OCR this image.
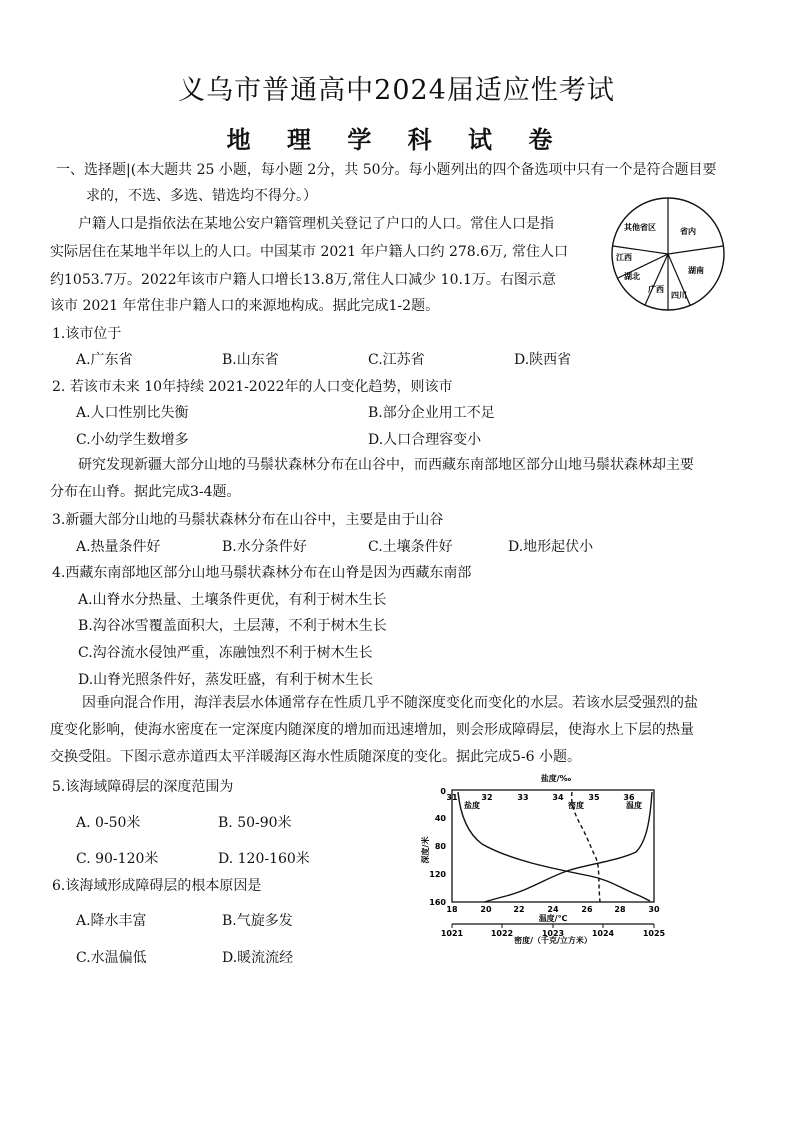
义乌市普通高中2024届适应性考试
地 理 学 科 试 卷
一、选择题|(本大题共 25 小题，每小题 2分，共 50分。每小题列出的四个备选项中只有一个是符合题目要
求的，不选、多选、错选均不得分。）
户籍人口是指依法在某地公安户籍管理机关登记了户口的人口。常住人口是指
实际居住在某地半年以上的人口。中国某市 2021 年户籍人口约 278.6万, 常住人口
约1053.7万。2022年该市户籍人口增长13.8万,常住人口减少 10.1万。右图示意
该市 2021 年常住非户籍人口的来源地构成。据此完成1-2题。
其他省区	省内
湖南
四川
广西
湖北
江西
1.该市位于
A.广东省	B.山东省	C.江苏省	D.陕西省
2. 若该市未来 10年持续 2021-2022年的人口变化趋势，则该市
A.人口性别比失衡	B.部分企业用工不足
C.小幼学生数增多	D.人口合理容变小
研究发现新疆大部分山地的马鬃状森林分布在山谷中，而西藏东南部地区部分山地马鬃状森林却主要
分布在山脊。据此完成3-4题。
3.新疆大部分山地的马鬃状森林分布在山谷中，主要是由于山谷
A.热量条件好	B.水分条件好	C.土壤条件好	D.地形起伏小
4.西藏东南部地区部分山地马鬃状森林分布在山脊是因为西藏东南部
A.山脊水分热量、土壤条件更优，有利于树木生长
B.沟谷冰雪覆盖面积大，土层薄，不利于树木生长
C.沟谷流水侵蚀严重，冻融蚀烈不利于树木生长
D.山脊光照条件好，蒸发旺盛，有利于树木生长
因垂向混合作用，海洋表层水体通常存在性质几乎不随深度变化而变化的水层。若该水层受强烈的盐
度变化影响，使海水密度在一定深度内随深度的增加而迅速增加，则会形成障碍层，使海水上下层的热量
交换受阻。下图示意赤道西太平洋暖海区海水性质随深度的变化。据此完成5-6 小题。
5.该海域障碍层的深度范围为
A. 0-50米	B. 50-90米
C. 90-120米	D. 120-160米
6.该海域形成障碍层的根本原因是
A.降水丰富	B.气旋多发
C.水温偏低	D.暖流流经
盐度/‰
31	32	33	34	35	36
0
40
80
120
160
深度/米
盐度	密度	温度
18	20	22	24	26	28	30
温度/℃
1021	1022	1023	1024	1025
密度/（千克/立方米）
